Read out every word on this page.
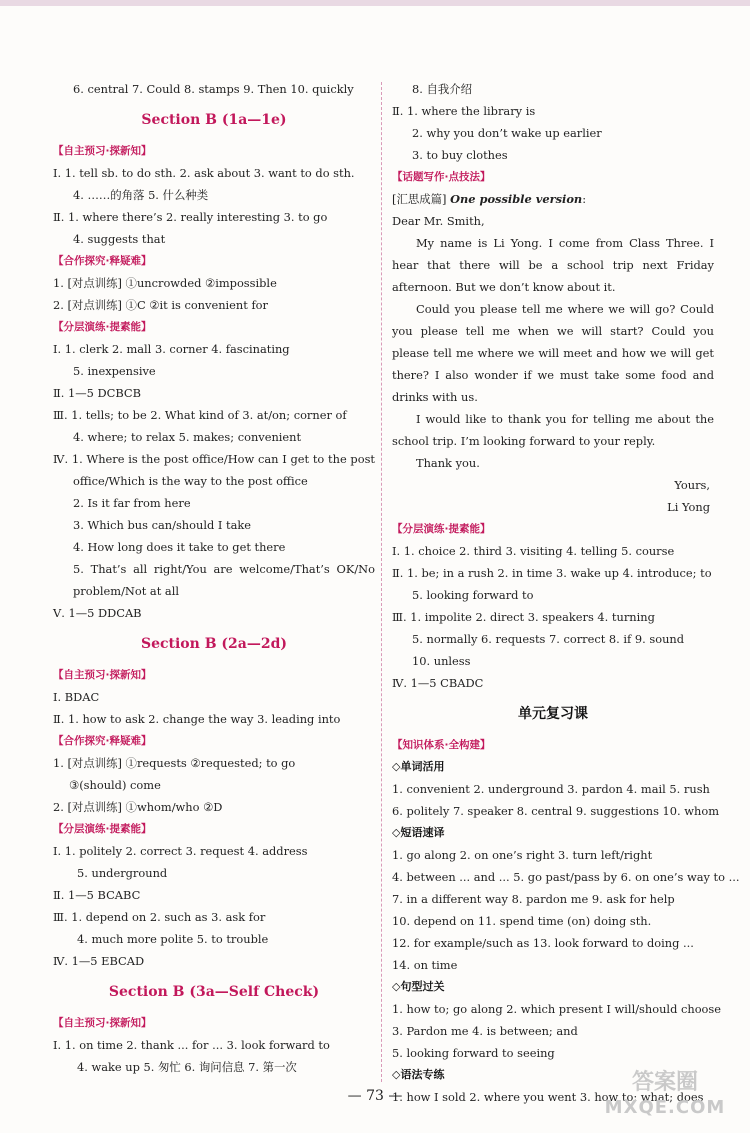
6. central 7. Could 8. stamps 9. Then 10. quickly
Section B (1a—1e)
【自主预习·探新知】
Ⅰ. 1. tell sb. to do sth. 2. ask about 3. want to do sth.
4. ……的角落 5. 什么种类
Ⅱ. 1. where there’s 2. really interesting 3. to go
4. suggests that
【合作探究·释疑难】
1. [对点训练] ①uncrowded ②impossible
2. [对点训练] ①C ②it is convenient for
【分层演练·提素能】
Ⅰ. 1. clerk 2. mall 3. corner 4. fascinating
5. inexpensive
Ⅱ. 1—5 DCBCB
Ⅲ. 1. tells; to be 2. What kind of 3. at/on; corner of
4. where; to relax 5. makes; convenient
Ⅳ. 1. Where is the post office/How can I get to the post
office/Which is the way to the post office
2. Is it far from here
3. Which bus can/should I take
4. How long does it take to get there
5. That’s all right/You are welcome/That’s OK/No
problem/Not at all
Ⅴ. 1—5 DDCAB
Section B (2a—2d)
【自主预习·探新知】
Ⅰ. BDAC
Ⅱ. 1. how to ask 2. change the way 3. leading into
【合作探究·释疑难】
1. [对点训练] ①requests ②requested; to go
③(should) come
2. [对点训练] ①whom/who ②D
【分层演练·提素能】
Ⅰ. 1. politely 2. correct 3. request 4. address
5. underground
Ⅱ. 1—5 BCABC
Ⅲ. 1. depend on 2. such as 3. ask for
4. much more polite 5. to trouble
Ⅳ. 1—5 EBCAD
Section B (3a—Self Check)
【自主预习·探新知】
Ⅰ. 1. on time 2. thank ... for ... 3. look forward to
4. wake up 5. 匆忙 6. 询问信息 7. 第一次
8. 自我介绍
Ⅱ. 1. where the library is
2. why you don’t wake up earlier
3. to buy clothes
【话题写作·点技法】
[汇思成篇] One possible version:
Dear Mr. Smith,
My name is Li Yong. I come from Class Three. I hear that there will be a school trip next Friday afternoon. But we don’t know about it.
Could you please tell me where we will go? Could you please tell me when we will start? Could you please tell me where we will meet and how we will get there? I also wonder if we must take some food and drinks with us.
I would like to thank you for telling me about the school trip. I’m looking forward to your reply.
Thank you.
Yours,
Li Yong
【分层演练·提素能】
Ⅰ. 1. choice 2. third 3. visiting 4. telling 5. course
Ⅱ. 1. be; in a rush 2. in time 3. wake up 4. introduce; to
5. looking forward to
Ⅲ. 1. impolite 2. direct 3. speakers 4. turning
5. normally 6. requests 7. correct 8. if 9. sound
10. unless
Ⅳ. 1—5 CBADC
单元复习课
【知识体系·全构建】
◇单词活用
1. convenient 2. underground 3. pardon 4. mail 5. rush
6. politely 7. speaker 8. central 9. suggestions 10. whom
◇短语速译
1. go along 2. on one’s right 3. turn left/right
4. between ... and ... 5. go past/pass by 6. on one’s way to ...
7. in a different way 8. pardon me 9. ask for help
10. depend on 11. spend time (on) doing sth.
12. for example/such as 13. look forward to doing ...
14. on time
◇句型过关
1. how to; go along 2. which present I will/should choose
3. Pardon me 4. is between; and
5. looking forward to seeing
◇语法专练
1. how I sold 2. where you went 3. how to; what; does
— 73 —
答案圈
MXQE.COM
